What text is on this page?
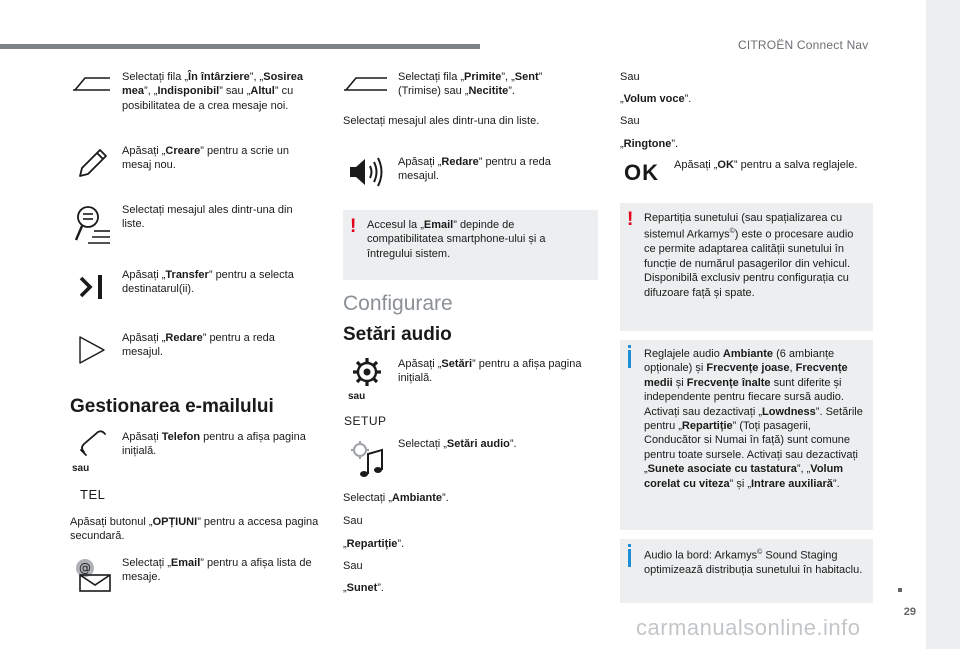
CITROËN Connect Nav
29
carmanualsonline.info
Selectați fila „În întârziere”, „Sosirea mea”, „Indisponibil” sau „Altul” cu posibilitatea de a crea mesaje noi.
Apăsați „Creare” pentru a scrie un mesaj nou.
Selectați mesajul ales dintr-una din liste.
Apăsați „Transfer” pentru a selecta destinatarul(ii).
Apăsați „Redare” pentru a reda mesajul.
Gestionarea e-mailului
sau
TEL
Apăsați Telefon pentru a afișa pagina inițială.
Apăsați butonul „OPȚIUNI” pentru a accesa pagina secundară.
@	Selectați „Email” pentru a afișa lista de mesaje.
Selectați fila „Primite”, „Sent” (Trimise) sau „Necitite”.
Selectați mesajul ales dintr-una din liste.
Apăsați „Redare” pentru a reda mesajul.
! Accesul la „Email” depinde de compatibilitatea smartphone-ului și a întregului sistem.
Configurare
Setări audio
sau
SETUP
Apăsați „Setări” pentru a afișa pagina inițială.
Selectați „Setări audio”.
Selectați „Ambiante”.
Sau
„Repartiție”.
Sau
„Sunet”.
Sau
„Volum voce”.
Sau
„Ringtone”.
OK Apăsați „OK” pentru a salva reglajele.
! Repartiția sunetului (sau spațializarea cu sistemul Arkamys©) este o procesare audio ce permite adaptarea calității sunetului în funcție de numărul pasagerilor din vehicul. Disponibilă exclusiv pentru configurația cu difuzoare față și spate.
Reglajele audio Ambiante (6 ambianțe opționale) și Frecvențe joase, Frecvențe medii și Frecvențe înalte sunt diferite și independente pentru fiecare sursă audio. Activați sau dezactivați „Lowdness”. Setările pentru „Repartiție” (Toți pasagerii, Conducător si Numai în față) sunt comune pentru toate sursele. Activați sau dezactivați „Sunete asociate cu tastatura”, „Volum corelat cu viteza” și „Intrare auxiliară”.
Audio la bord: Arkamys© Sound Staging optimizează distribuția sunetului în habitaclu.
